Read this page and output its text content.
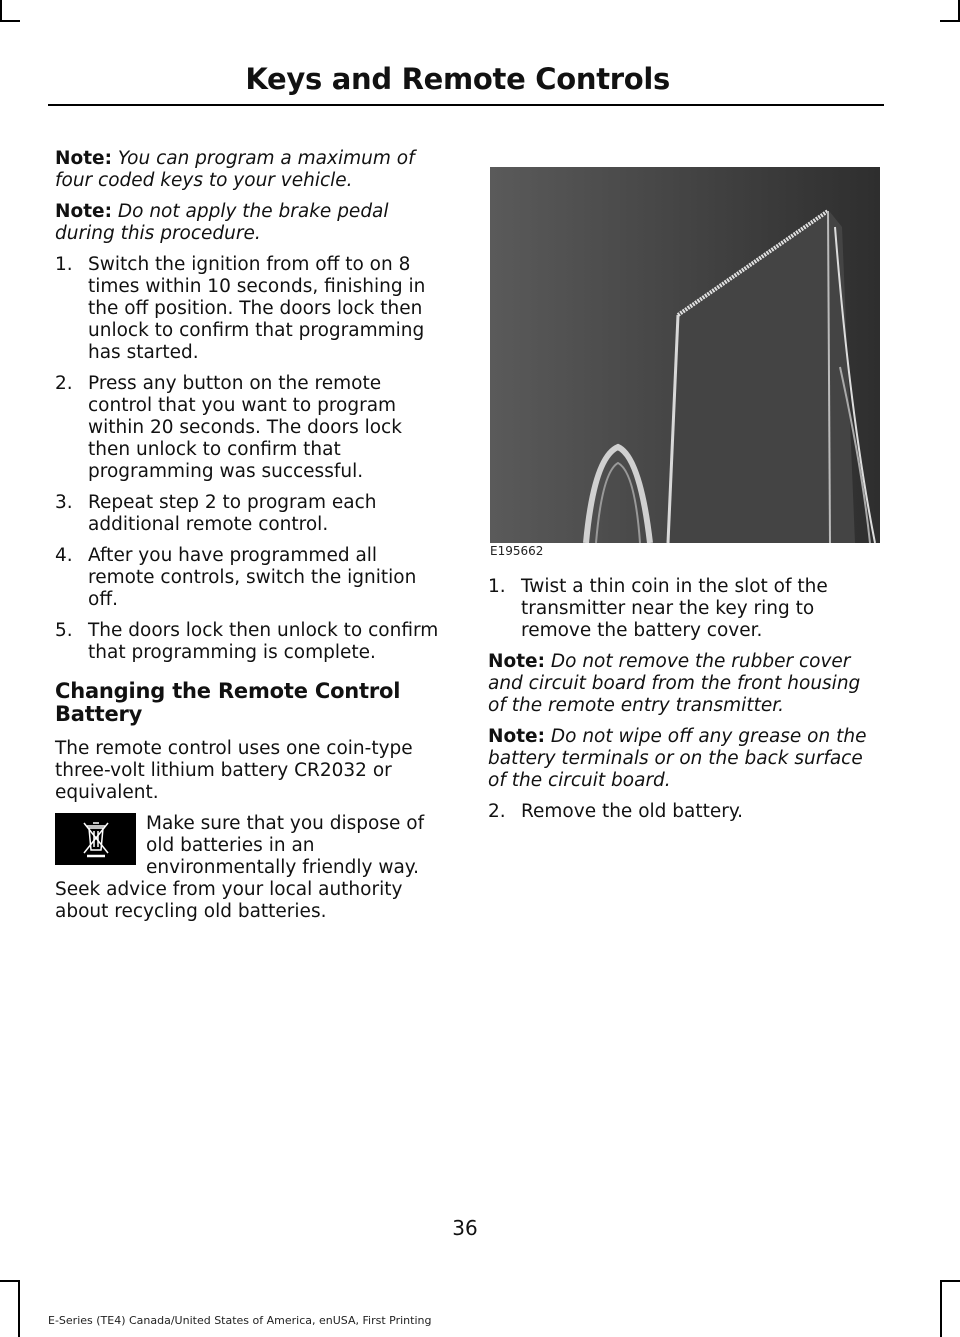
Keys and Remote Controls

Note: You can program a maximum of four coded keys to your vehicle.

Note: Do not apply the brake pedal during this procedure.

1. Switch the ignition from off to on 8 times within 10 seconds, finishing in the off position. The doors lock then unlock to confirm that programming has started.
2. Press any button on the remote control that you want to program within 20 seconds. The doors lock then unlock to confirm that programming was successful.
3. Repeat step 2 to program each additional remote control.
4. After you have programmed all remote controls, switch the ignition off.
5. The doors lock then unlock to confirm that programming is complete.
Changing the Remote Control Battery

The remote control uses one coin-type three-volt lithium battery CR2032 or equivalent.

Make sure that you dispose of old batteries in an environmentally friendly way. Seek advice from your local authority about recycling old batteries.
E195662
1. Twist a thin coin in the slot of the transmitter near the key ring to remove the battery cover.

Note: Do not remove the rubber cover and circuit board from the front housing of the remote entry transmitter.

Note: Do not wipe off any grease on the battery terminals or on the back surface of the circuit board.

2. Remove the old battery.
36
E-Series (TE4) Canada/United States of America, enUSA, First Printing
